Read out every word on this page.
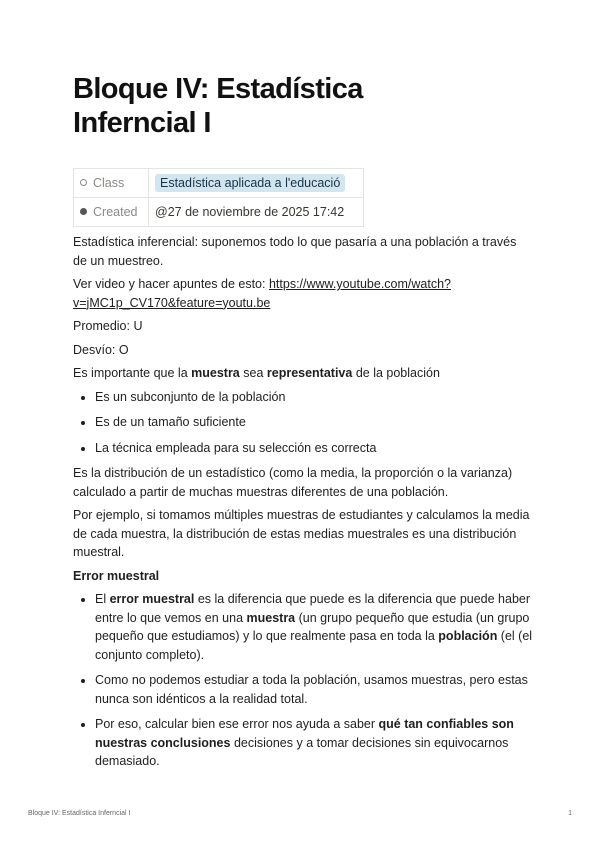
Bloque IV: Estadística
Inferncial I
Class	Estadística aplicada a l'educació
Created	@27 de noviembre de 2025 17:42

Estadística inferencial: suponemos todo lo que pasaría a una población a través de un muestreo.

Ver video y hacer apuntes de esto: https://www.youtube.com/watch?v=jMC1p_CV170&feature=youtu.be

Promedio: U

Desvío: O

Es importante que la muestra sea representativa de la población

• Es un subconjunto de la población
• Es de un tamaño suficiente
• La técnica empleada para su selección es correcta

Es la distribución de un estadístico (como la media, la proporción o la varianza) calculado a partir de muchas muestras diferentes de una población.

Por ejemplo, si tomamos múltiples muestras de estudiantes y calculamos la media de cada muestra, la distribución de estas medias muestrales es una distribución muestral.

Error muestral

• El error muestral es la diferencia que puede es la diferencia que puede haber entre lo que vemos en una muestra (un grupo pequeño que estudia (un grupo pequeño que estudiamos) y lo que realmente pasa en toda la población (el (el conjunto completo).
• Como no podemos estudiar a toda la población, usamos muestras, pero estas nunca son idénticos a la realidad total.
• Por eso, calcular bien ese error nos ayuda a saber qué tan confiables son nuestras conclusiones decisiones y a tomar decisiones sin equivocarnos demasiado.
Bloque IV: Estadística Inferncial I	1
